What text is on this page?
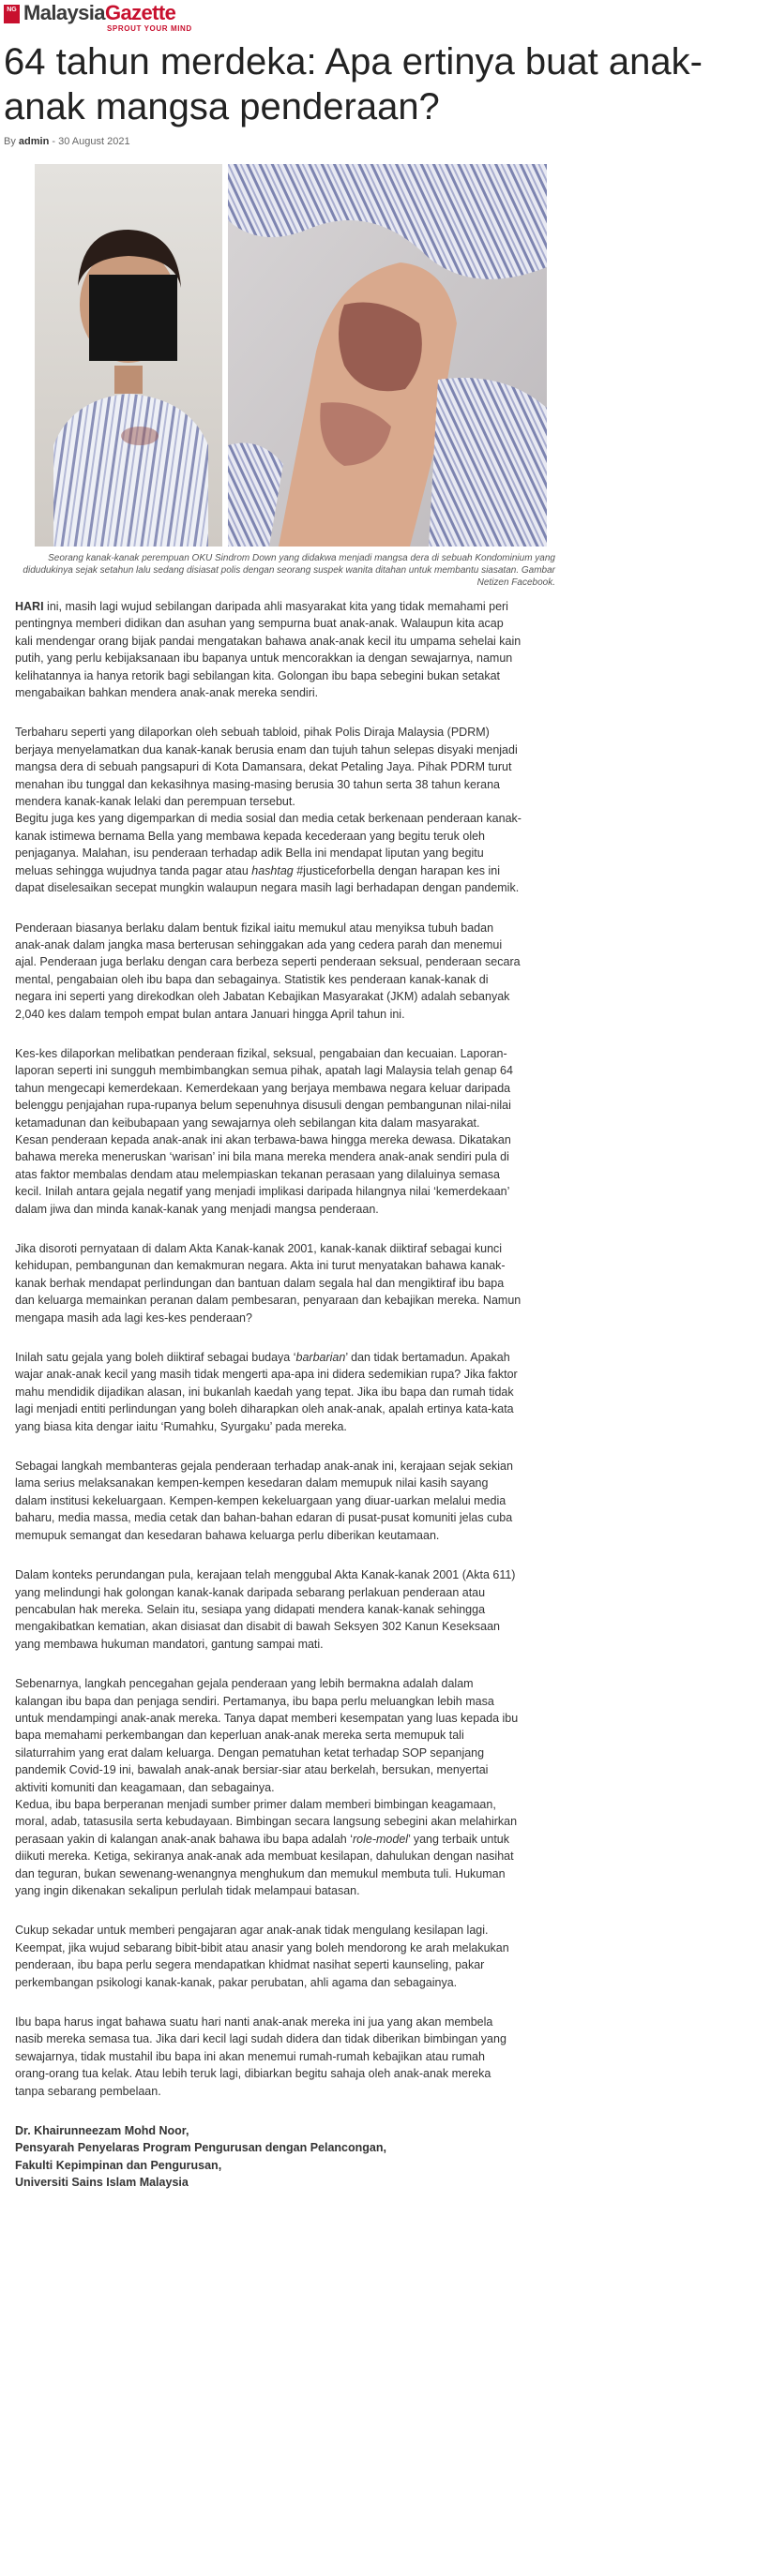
NG MalaysiaGazette
SPROUT YOUR MIND
64 tahun merdeka: Apa ertinya buat anak-anak mangsa penderaan?
By admin - 30 August 2021
Seorang kanak-kanak perempuan OKU Sindrom Down yang didakwa menjadi mangsa dera di sebuah Kondominium yang didudukinya sejak setahun lalu sedang disiasat polis dengan seorang suspek wanita ditahan untuk membantu siasatan. Gambar Netizen Facebook.

HARI ini, masih lagi wujud sebilangan daripada ahli masyarakat kita yang tidak memahami peri pentingnya memberi didikan dan asuhan yang sempurna buat anak-anak. Walaupun kita acap kali mendengar orang bijak pandai mengatakan bahawa anak-anak kecil itu umpama sehelai kain putih, yang perlu kebijaksanaan ibu bapanya untuk mencorakkan ia dengan sewajarnya, namun kelihatannya ia hanya retorik bagi sebilangan kita. Golongan ibu bapa sebegini bukan setakat mengabaikan bahkan mendera anak-anak mereka sendiri.

Terbaharu seperti yang dilaporkan oleh sebuah tabloid, pihak Polis Diraja Malaysia (PDRM) berjaya menyelamatkan dua kanak-kanak berusia enam dan tujuh tahun selepas disyaki menjadi mangsa dera di sebuah pangsapuri di Kota Damansara, dekat Petaling Jaya. Pihak PDRM turut menahan ibu tunggal dan kekasihnya masing-masing berusia 30 tahun serta 38 tahun kerana mendera kanak-kanak lelaki dan perempuan tersebut.

Begitu juga kes yang digemparkan di media sosial dan media cetak berkenaan penderaan kanak-kanak istimewa bernama Bella yang membawa kepada kecederaan yang begitu teruk oleh penjaganya. Malahan, isu penderaan terhadap adik Bella ini mendapat liputan yang begitu meluas sehingga wujudnya tanda pagar atau hashtag #justiceforbella dengan harapan kes ini dapat diselesaikan secepat mungkin walaupun negara masih lagi berhadapan dengan pandemik.

Penderaan biasanya berlaku dalam bentuk fizikal iaitu memukul atau menyiksa tubuh badan anak-anak dalam jangka masa berterusan sehinggakan ada yang cedera parah dan menemui ajal. Penderaan juga berlaku dengan cara berbeza seperti penderaan seksual, penderaan secara mental, pengabaian oleh ibu bapa dan sebagainya. Statistik kes penderaan kanak-kanak di negara ini seperti yang direkodkan oleh Jabatan Kebajikan Masyarakat (JKM) adalah sebanyak 2,040 kes dalam tempoh empat bulan antara Januari hingga April tahun ini.

Kes-kes dilaporkan melibatkan penderaan fizikal, seksual, pengabaian dan kecuaian. Laporan-laporan seperti ini sungguh membimbangkan semua pihak, apatah lagi Malaysia telah genap 64 tahun mengecapi kemerdekaan. Kemerdekaan yang berjaya membawa negara keluar daripada belenggu penjajahan rupa-rupanya belum sepenuhnya disusuli dengan pembangunan nilai-nilai ketamadunan dan keibubapaan yang sewajarnya oleh sebilangan kita dalam masyarakat.

Kesan penderaan kepada anak-anak ini akan terbawa-bawa hingga mereka dewasa. Dikatakan bahawa mereka meneruskan ‘warisan’ ini bila mana mereka mendera anak-anak sendiri pula di atas faktor membalas dendam atau melempiaskan tekanan perasaan yang dilaluinya semasa kecil. Inilah antara gejala negatif yang menjadi implikasi daripada hilangnya nilai ‘kemerdekaan’ dalam jiwa dan minda kanak-kanak yang menjadi mangsa penderaan.

Jika disoroti pernyataan di dalam Akta Kanak-kanak 2001, kanak-kanak diiktiraf sebagai kunci kehidupan, pembangunan dan kemakmuran negara. Akta ini turut menyatakan bahawa kanak-kanak berhak mendapat perlindungan dan bantuan dalam segala hal dan mengiktiraf ibu bapa dan keluarga memainkan peranan dalam pembesaran, penyaraan dan kebajikan mereka. Namun mengapa masih ada lagi kes-kes penderaan?

Inilah satu gejala yang boleh diiktiraf sebagai budaya ‘barbarian’ dan tidak bertamadun. Apakah wajar anak-anak kecil yang masih tidak mengerti apa-apa ini didera sedemikian rupa? Jika faktor mahu mendidik dijadikan alasan, ini bukanlah kaedah yang tepat. Jika ibu bapa dan rumah tidak lagi menjadi entiti perlindungan yang boleh diharapkan oleh anak-anak, apalah ertinya kata-kata yang biasa kita dengar iaitu ‘Rumahku, Syurgaku’ pada mereka.

Sebagai langkah membanteras gejala penderaan terhadap anak-anak ini, kerajaan sejak sekian lama serius melaksanakan kempen-kempen kesedaran dalam memupuk nilai kasih sayang dalam institusi kekeluargaan. Kempen-kempen kekeluargaan yang diuar-uarkan melalui media baharu, media massa, media cetak dan bahan-bahan edaran di pusat-pusat komuniti jelas cuba memupuk semangat dan kesedaran bahawa keluarga perlu diberikan keutamaan.

Dalam konteks perundangan pula, kerajaan telah menggubal Akta Kanak-kanak 2001 (Akta 611) yang melindungi hak golongan kanak-kanak daripada sebarang perlakuan penderaan atau pencabulan hak mereka. Selain itu, sesiapa yang didapati mendera kanak-kanak sehingga mengakibatkan kematian, akan disiasat dan disabit di bawah Seksyen 302 Kanun Keseksaan yang membawa hukuman mandatori, gantung sampai mati.

Sebenarnya, langkah pencegahan gejala penderaan yang lebih bermakna adalah dalam kalangan ibu bapa dan penjaga sendiri. Pertamanya, ibu bapa perlu meluangkan lebih masa untuk mendampingi anak-anak mereka. Tanya dapat memberi kesempatan yang luas kepada ibu bapa memahami perkembangan dan keperluan anak-anak mereka serta memupuk tali silaturrahim yang erat dalam keluarga. Dengan pematuhan ketat terhadap SOP sepanjang pandemik Covid-19 ini, bawalah anak-anak bersiar-siar atau berkelah, bersukan, menyertai aktiviti komuniti dan keagamaan, dan sebagainya.

Kedua, ibu bapa berperanan menjadi sumber primer dalam memberi bimbingan keagamaan, moral, adab, tatasusila serta kebudayaan. Bimbingan secara langsung sebegini akan melahirkan perasaan yakin di kalangan anak-anak bahawa ibu bapa adalah ‘role-model’ yang terbaik untuk diikuti mereka. Ketiga, sekiranya anak-anak ada membuat kesilapan, dahulukan dengan nasihat dan teguran, bukan sewenang-wenangnya menghukum dan memukul membuta tuli. Hukuman yang ingin dikenakan sekalipun perlulah tidak melampaui batasan.

Cukup sekadar untuk memberi pengajaran agar anak-anak tidak mengulang kesilapan lagi. Keempat, jika wujud sebarang bibit-bibit atau anasir yang boleh mendorong ke arah melakukan penderaan, ibu bapa perlu segera mendapatkan khidmat nasihat seperti kaunseling, pakar perkembangan psikologi kanak-kanak, pakar perubatan, ahli agama dan sebagainya.

Ibu bapa harus ingat bahawa suatu hari nanti anak-anak mereka ini jua yang akan membela nasib mereka semasa tua. Jika dari kecil lagi sudah didera dan tidak diberikan bimbingan yang sewajarnya, tidak mustahil ibu bapa ini akan menemui rumah-rumah kebajikan atau rumah orang-orang tua kelak. Atau lebih teruk lagi, dibiarkan begitu sahaja oleh anak-anak mereka tanpa sebarang pembelaan.

Dr. Khairunneezam Mohd Noor,

Pensyarah Penyelaras Program Pengurusan dengan Pelancongan,

Fakulti Kepimpinan dan Pengurusan,

Universiti Sains Islam Malaysia
